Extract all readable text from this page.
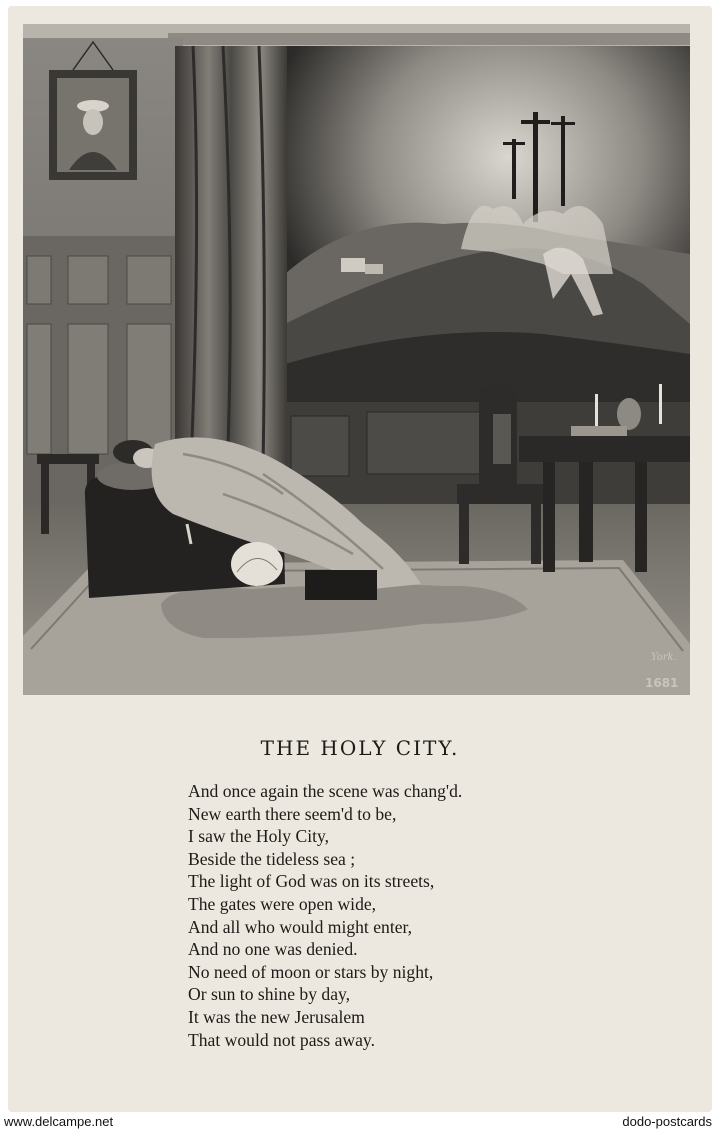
York.
1681
THE HOLY CITY.
And once again the scene was chang'd.
New earth there seem'd to be,
I saw the Holy City,
Beside the tideless sea ;
The light of God was on its streets,
The gates were open wide,
And all who would might enter,
And no one was denied.
No need of moon or stars by night,
Or sun to shine by day,
It was the new Jerusalem
That would not pass away.
www.delcampe.net	dodo-postcards
